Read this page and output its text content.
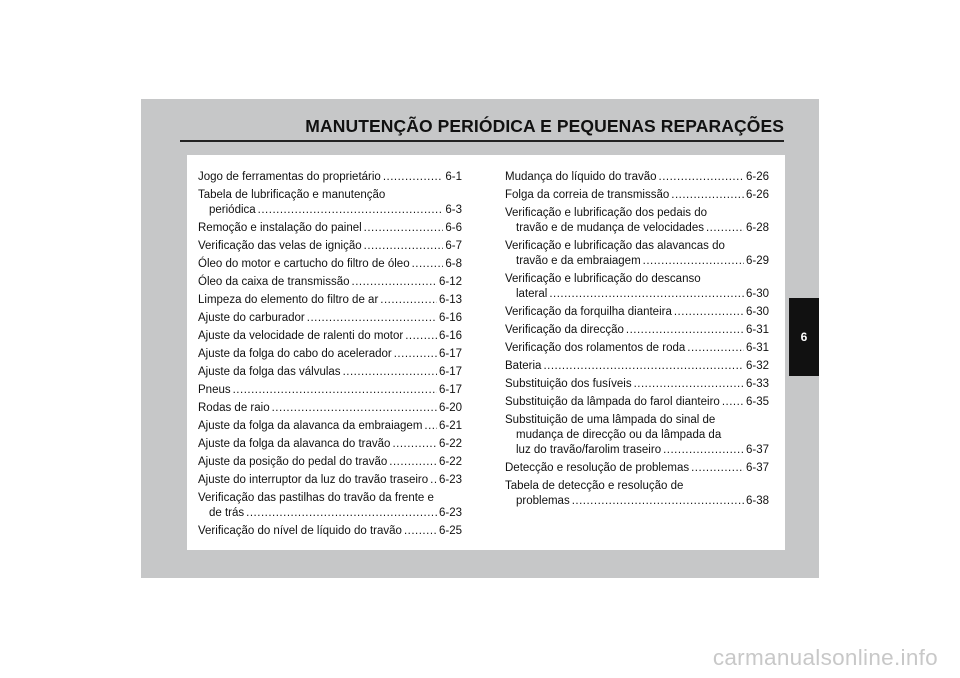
MANUTENÇÃO PERIÓDICA E PEQUENAS REPARAÇÕES
Jogo de ferramentas do proprietário .....	6-1
Tabela de lubrificação e manutenção
periódica .....	6-3
Remoção e instalação do painel .....	6-6
Verificação das velas de ignição .....	6-7
Óleo do motor e cartucho do filtro de óleo .....	6-8
Óleo da caixa de transmissão .....	6-12
Limpeza do elemento do filtro de ar .....	6-13
Ajuste do carburador .....	6-16
Ajuste da velocidade de ralenti do motor .....	6-16
Ajuste da folga do cabo do acelerador .....	6-17
Ajuste da folga das válvulas .....	6-17
Pneus .....	6-17
Rodas de raio .....	6-20
Ajuste da folga da alavanca da embraiagem ..... 6-21
Ajuste da folga da alavanca do travão .....	6-22
Ajuste da posição do pedal do travão .....	6-22
Ajuste do interruptor da luz do travão traseiro ..... 6-23
Verificação das pastilhas do travão da frente e
de trás .....	6-23
Verificação do nível de líquido do travão .....	6-25
Mudança do líquido do travão .....	6-26
Folga da correia de transmissão .....	6-26
Verificação e lubrificação dos pedais do
travão e de mudança de velocidades .....	6-28
Verificação e lubrificação das alavancas do
travão e da embraiagem .....	6-29
Verificação e lubrificação do descanso
lateral .....	6-30
Verificação da forquilha dianteira .....	6-30
Verificação da direcção .....	6-31
Verificação dos rolamentos de roda .....	6-31
Bateria .....	6-32
Substituição dos fusíveis .....	6-33
Substituição da lâmpada do farol dianteiro ..... 6-35
Substituição de uma lâmpada do sinal de
mudança de direcção ou da lâmpada da
luz do travão/farolim traseiro .....	6-37
Detecção e resolução de problemas .....	6-37
Tabela de detecção e resolução de
problemas .....	6-38
6
carmanualsonline.info
